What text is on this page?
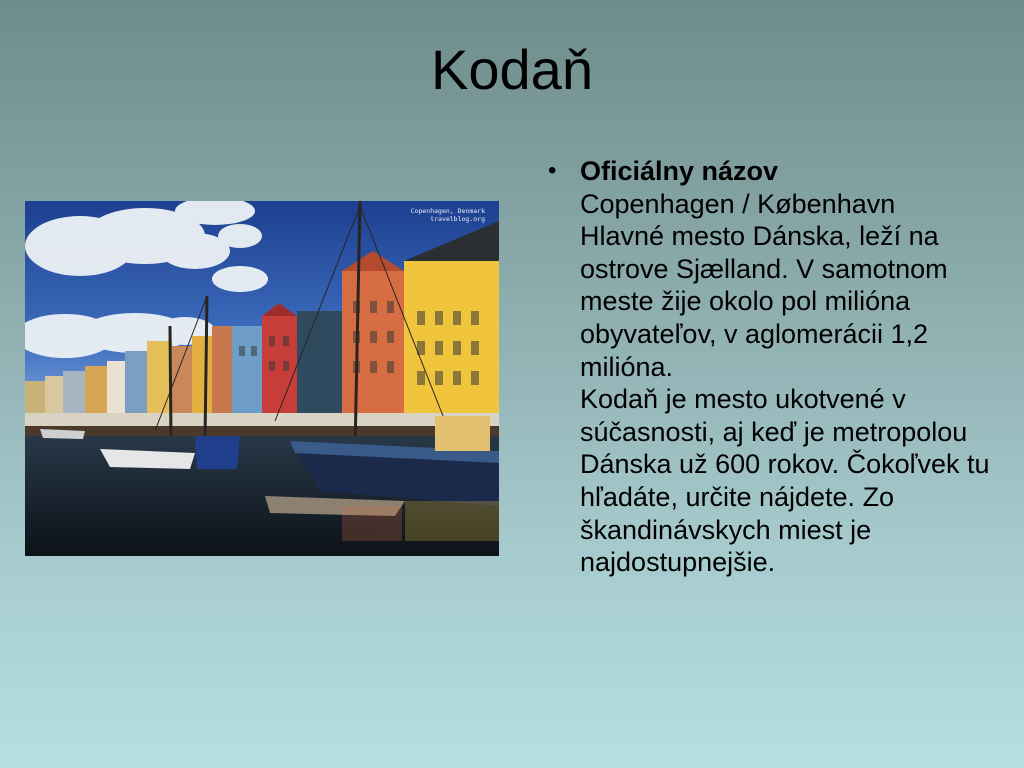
Kodaň
Copenhagen, Denmark
travelblog.org
• Oficiálny názov
Copenhagen / København
Hlavné mesto Dánska, leží na ostrove Sjælland. V samotnom meste žije okolo pol milióna obyvateľov, v aglomerácii 1,2 milióna.
Kodaň je mesto ukotvené v súčasnosti, aj keď je metropolou Dánska už 600 rokov. Čokoľvek tu hľadáte, určite nájdete. Zo škandinávskych miest je najdostupnejšie.
